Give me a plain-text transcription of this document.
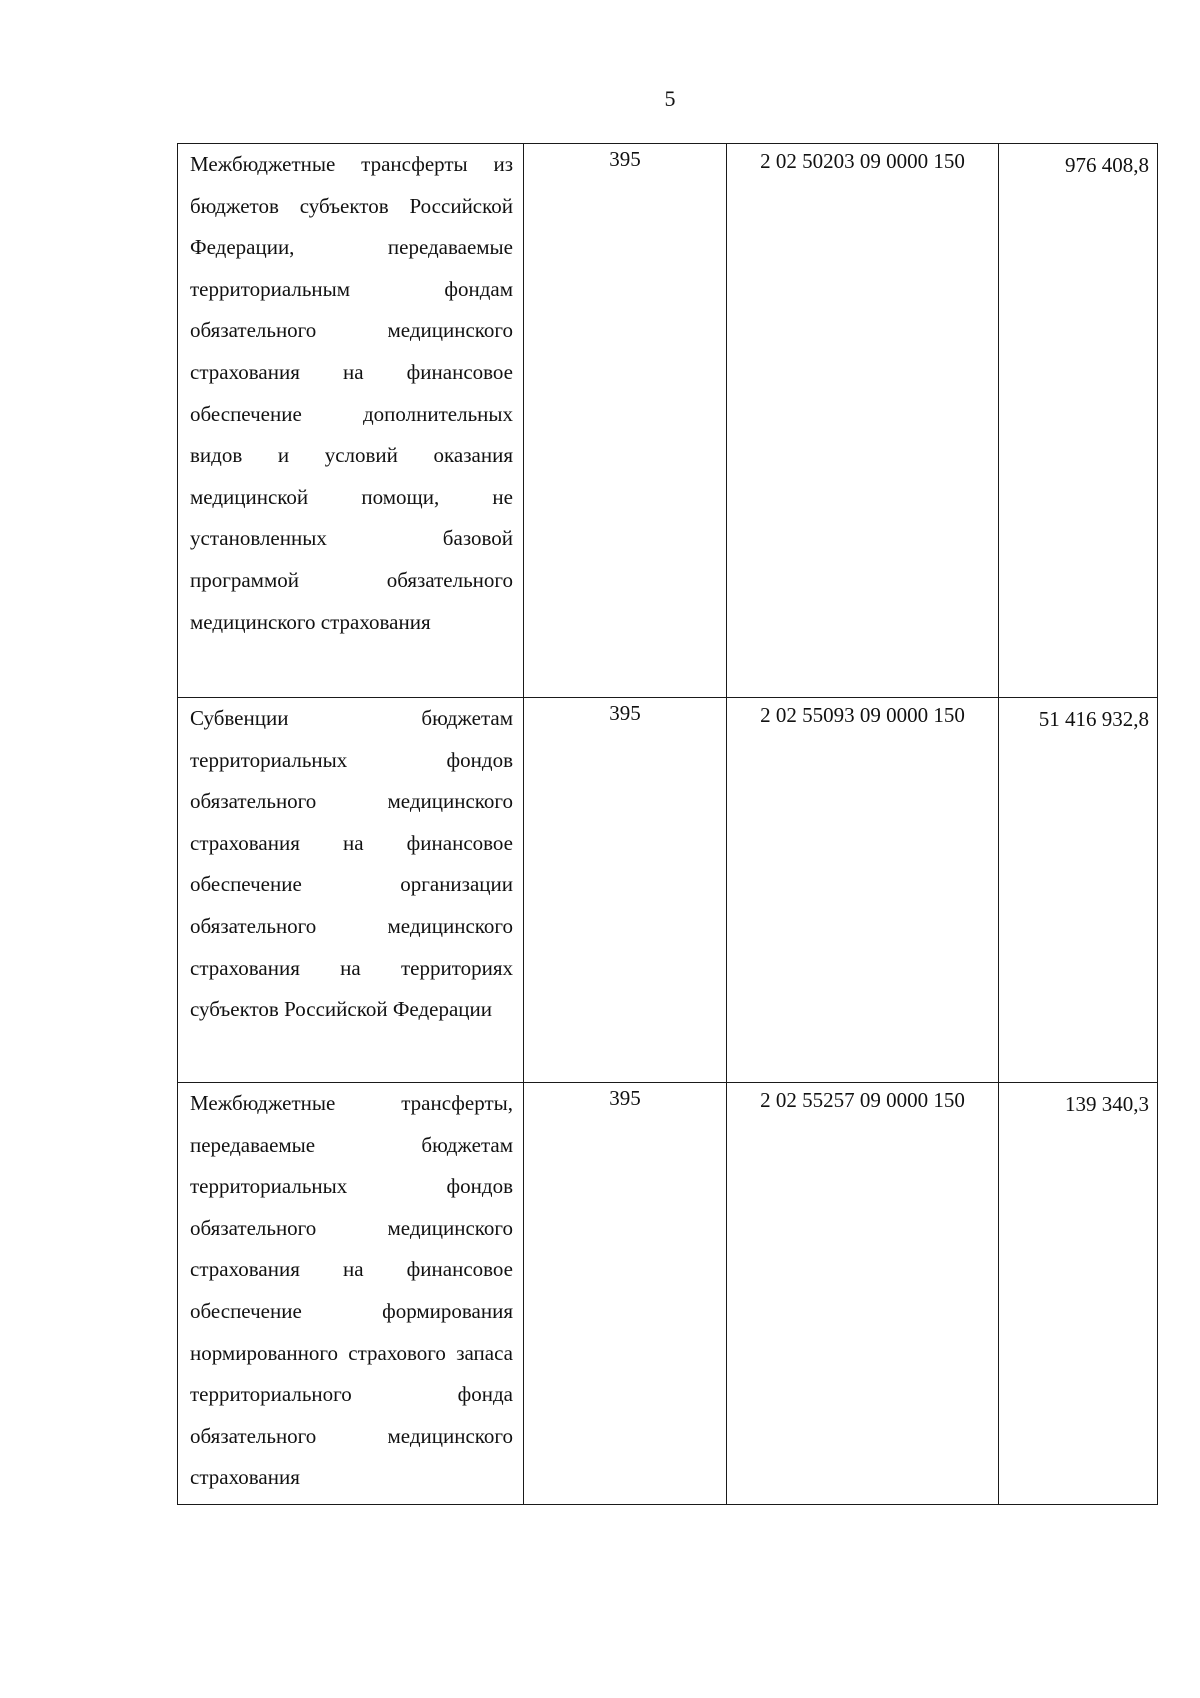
5
Межбюджетные трансферты из бюджетов субъектов Российской Федерации, передаваемые территориальным фондам обязательного медицинского страхования на финансовое обеспечение дополнительных видов и условий оказания медицинской помощи, не установленных базовой программой обязательного медицинского страхования	395	2 02 50203 09 0000 150	976 408,8
Субвенции бюджетам территориальных фондов обязательного медицинского страхования на финансовое обеспечение организации обязательного медицинского страхования на территориях субъектов Российской Федерации	395	2 02 55093 09 0000 150	51 416 932,8
Межбюджетные трансферты, передаваемые бюджетам территориальных фондов обязательного медицинского страхования на финансовое обеспечение формирования нормированного страхового запаса территориального фонда обязательного медицинского страхования	395	2 02 55257 09 0000 150	139 340,3
